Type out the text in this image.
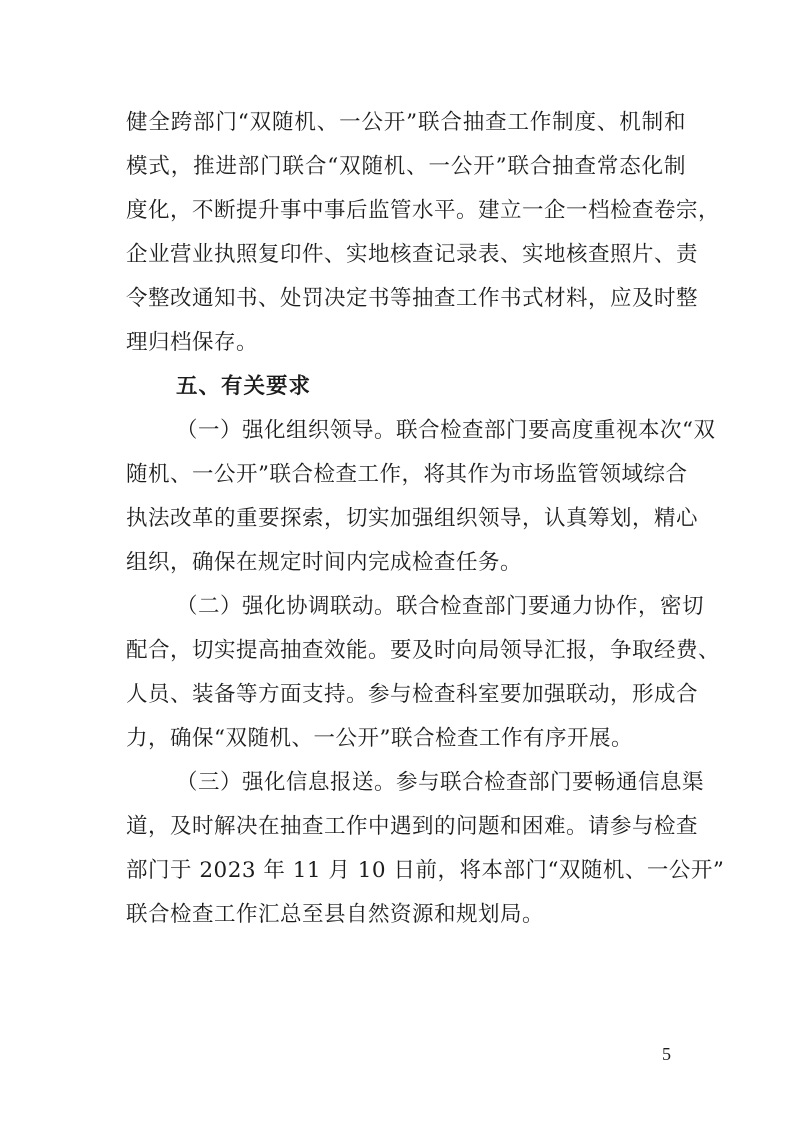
健全跨部门“双随机、一公开”联合抽查工作制度、机制和
模式，推进部门联合“双随机、一公开”联合抽查常态化制
度化，不断提升事中事后监管水平。建立一企一档检查卷宗，
企业营业执照复印件、实地核查记录表、实地核查照片、责
令整改通知书、处罚决定书等抽查工作书式材料，应及时整
理归档保存。
五、有关要求
（一）强化组织领导。联合检查部门要高度重视本次“双
随机、一公开”联合检查工作，将其作为市场监管领域综合
执法改革的重要探索，切实加强组织领导，认真筹划，精心
组织，确保在规定时间内完成检查任务。
（二）强化协调联动。联合检查部门要通力协作，密切
配合，切实提高抽查效能。要及时向局领导汇报，争取经费、
人员、装备等方面支持。参与检查科室要加强联动，形成合
力，确保“双随机、一公开”联合检查工作有序开展。
（三）强化信息报送。参与联合检查部门要畅通信息渠
道，及时解决在抽查工作中遇到的问题和困难。请参与检查
部门于 2023 年 11 月 10 日前，将本部门“双随机、一公开”
联合检查工作汇总至县自然资源和规划局。
5
